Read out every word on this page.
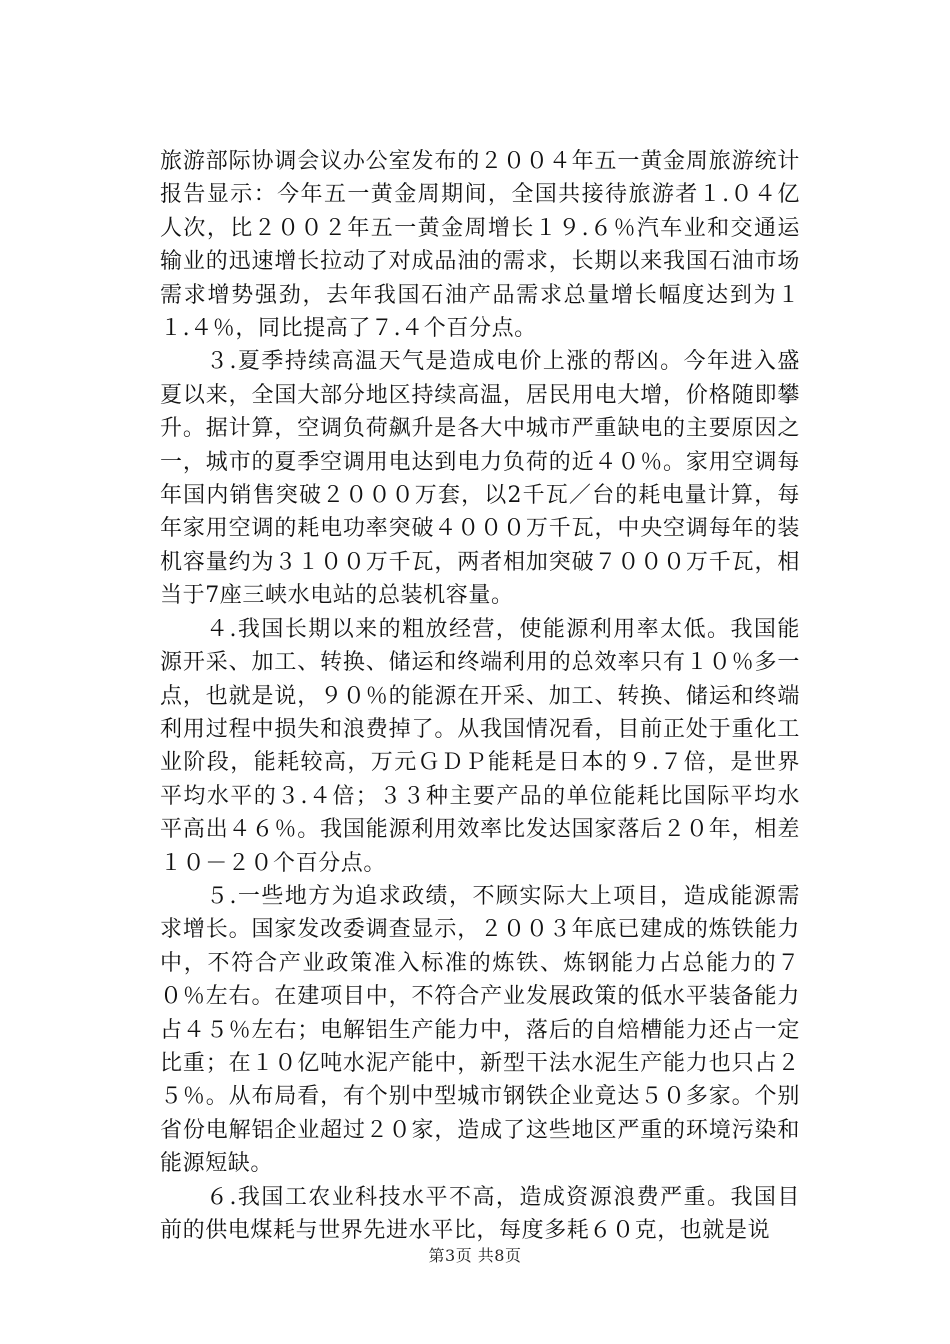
旅游部际协调会议办公室发布的２００４年五一黄金周旅游统计报告显示：今年五一黄金周期间，全国共接待旅游者１.０４亿人次，比２００２年五一黄金周增长１９.６％汽车业和交通运输业的迅速增长拉动了对成品油的需求，长期以来我国石油市场需求增势强劲，去年我国石油产品需求总量增长幅度达到为１１.４％，同比提高了７.４个百分点。

３.夏季持续高温天气是造成电价上涨的帮凶。今年进入盛夏以来，全国大部分地区持续高温，居民用电大增，价格随即攀升。据计算，空调负荷飙升是各大中城市严重缺电的主要原因之一，城市的夏季空调用电达到电力负荷的近４０％。家用空调每年国内销售突破２０００万套，以2千瓦／台的耗电量计算，每年家用空调的耗电功率突破４０００万千瓦，中央空调每年的装机容量约为３１００万千瓦，两者相加突破７０００万千瓦，相当于7座三峡水电站的总装机容量。

４.我国长期以来的粗放经营，使能源利用率太低。我国能源开采、加工、转换、储运和终端利用的总效率只有１０％多一点，也就是说，９０％的能源在开采、加工、转换、储运和终端利用过程中损失和浪费掉了。从我国情况看，目前正处于重化工业阶段，能耗较高，万元ＧＤＰ能耗是日本的９.７倍，是世界平均水平的３.４倍；３３种主要产品的单位能耗比国际平均水平高出４６％。我国能源利用效率比发达国家落后２０年，相差１０－２０个百分点。

５.一些地方为追求政绩，不顾实际大上项目，造成能源需求增长。国家发改委调查显示，２００３年底已建成的炼铁能力中，不符合产业政策准入标准的炼铁、炼钢能力占总能力的７０％左右。在建项目中，不符合产业发展政策的低水平装备能力占４５％左右；电解铝生产能力中，落后的自焙槽能力还占一定比重；在１０亿吨水泥产能中，新型干法水泥生产能力也只占２５％。从布局看，有个别中型城市钢铁企业竟达５０多家。个别省份电解铝企业超过２０家，造成了这些地区严重的环境污染和能源短缺。

６.我国工农业科技水平不高，造成资源浪费严重。我国目前的供电煤耗与世界先进水平比，每度多耗６０克，也就是说

第3页 共8页
